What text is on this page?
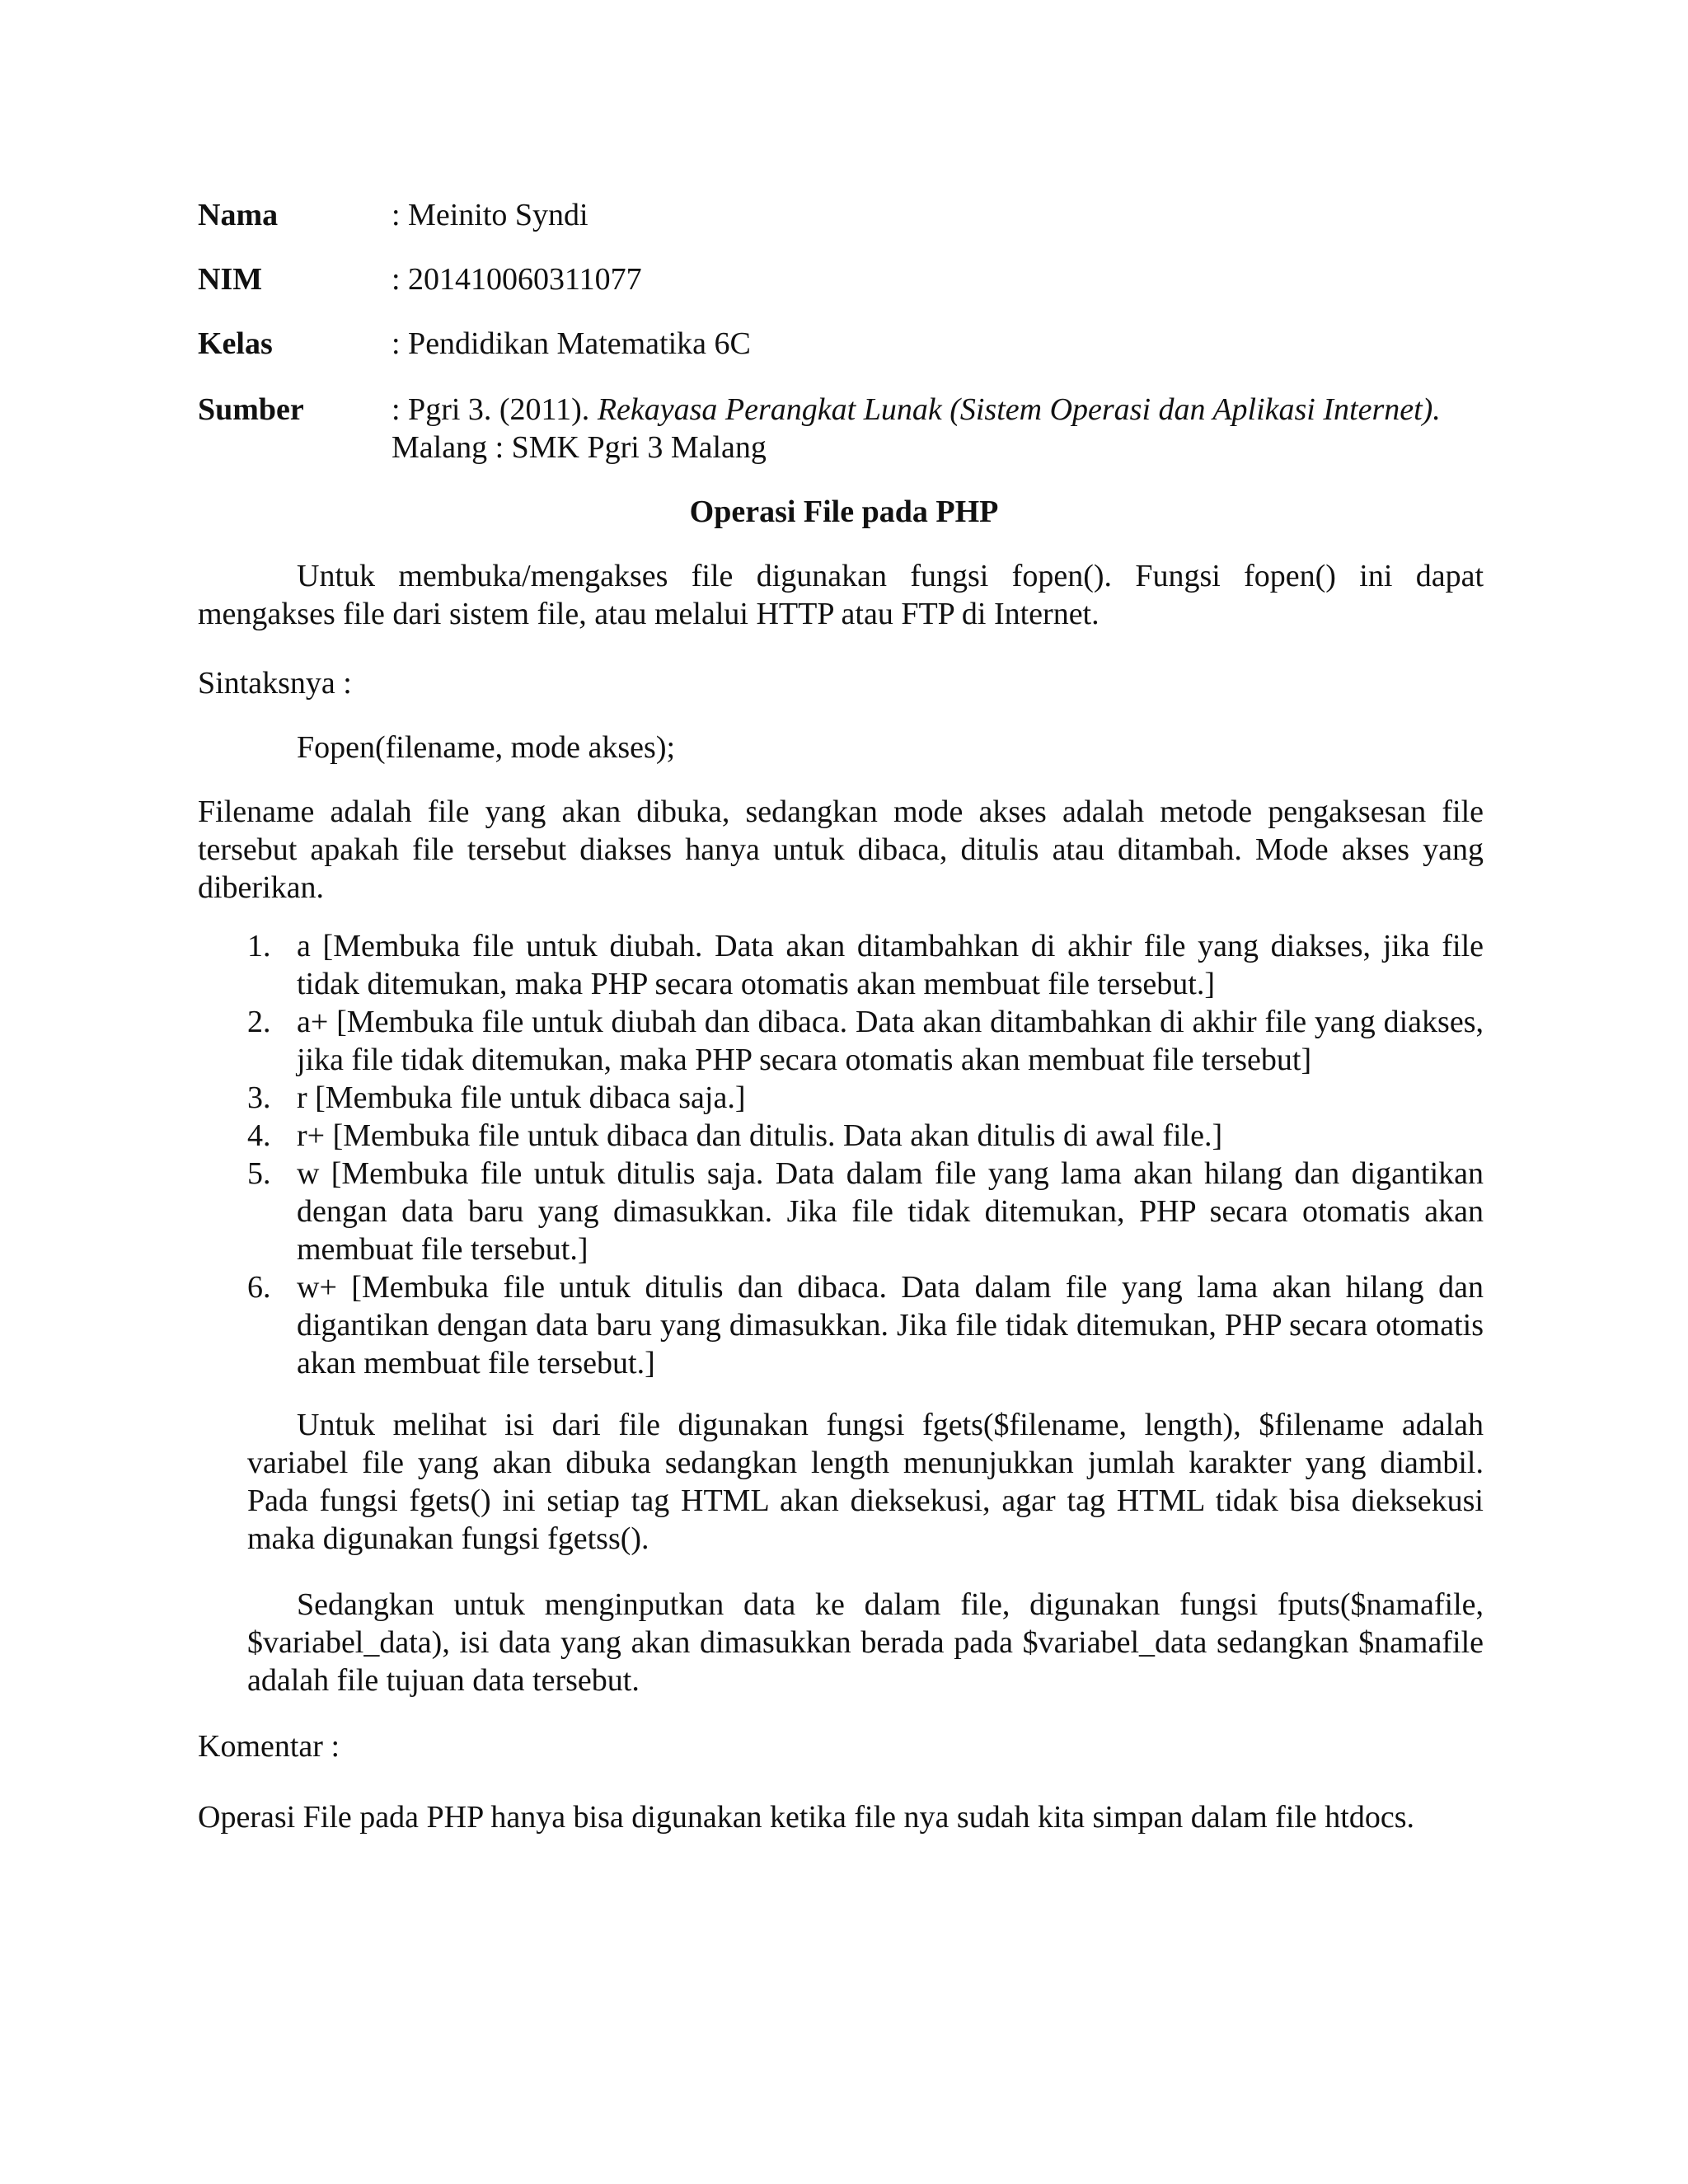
Nama	: Meinito Syndi
NIM	: 201410060311077
Kelas	: Pendidikan Matematika 6C
Sumber	: Pgri 3. (2011). Rekayasa Perangkat Lunak (Sistem Operasi dan Aplikasi Internet).
Malang : SMK Pgri 3 Malang
Operasi File pada PHP
Untuk membuka/mengakses file digunakan fungsi fopen(). Fungsi fopen() ini dapat mengakses file dari sistem file, atau melalui HTTP atau FTP di Internet.
Sintaksnya :
Fopen(filename, mode akses);
Filename adalah file yang akan dibuka, sedangkan mode akses adalah metode pengaksesan file tersebut apakah file tersebut diakses hanya untuk dibaca, ditulis atau ditambah. Mode akses yang diberikan.
1. a [Membuka file untuk diubah. Data akan ditambahkan di akhir file yang diakses, jika file tidak ditemukan, maka PHP secara otomatis akan membuat file tersebut.]
2. a+ [Membuka file untuk diubah dan dibaca. Data akan ditambahkan di akhir file yang diakses, jika file tidak ditemukan, maka PHP secara otomatis akan membuat file tersebut]
3. r [Membuka file untuk dibaca saja.]
4. r+ [Membuka file untuk dibaca dan ditulis. Data akan ditulis di awal file.]
5. w [Membuka file untuk ditulis saja. Data dalam file yang lama akan hilang dan digantikan dengan data baru yang dimasukkan. Jika file tidak ditemukan, PHP secara otomatis akan membuat file tersebut.]
6. w+ [Membuka file untuk ditulis dan dibaca. Data dalam file yang lama akan hilang dan digantikan dengan data baru yang dimasukkan. Jika file tidak ditemukan, PHP secara otomatis akan membuat file tersebut.]
Untuk melihat isi dari file digunakan fungsi fgets($filename, length), $filename adalah variabel file yang akan dibuka sedangkan length menunjukkan jumlah karakter yang diambil. Pada fungsi fgets() ini setiap tag HTML akan dieksekusi, agar tag HTML tidak bisa dieksekusi maka digunakan fungsi fgetss().
Sedangkan untuk menginputkan data ke dalam file, digunakan fungsi fputs($namafile, $variabel_data), isi data yang akan dimasukkan berada pada $variabel_data sedangkan $namafile adalah file tujuan data tersebut.
Komentar :
Operasi File pada PHP hanya bisa digunakan ketika file nya sudah kita simpan dalam file htdocs.
